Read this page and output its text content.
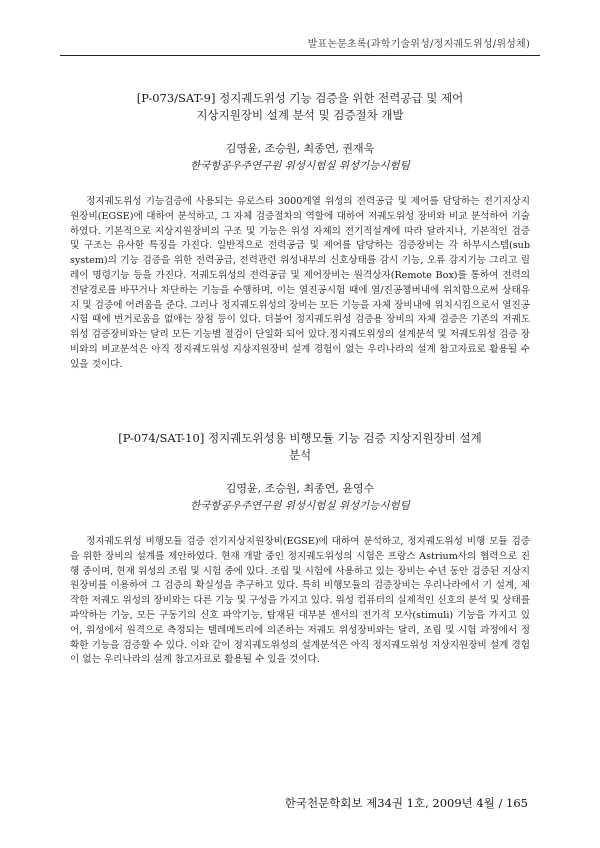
발표논문초록(과학기술위성/정지궤도위성/위성체)

[P-073/SAT-9] 정지궤도위성 기능 검증을 위한 전력공급 및 제어
지상지원장비 설계 분석 및 검증절차 개발

김영윤, 조승원, 최종연, 권재욱

한국항공우주연구원 위성시험실 위성기능시험팀

정지궤도위성 기능검증에 사용되는 유로스타 3000계열 위성의 전력공급 및 제어를 담당하는 전기지상지원장비(EGSE)에 대하여 분석하고, 그 자체 검증절차의 역할에 대하여 저궤도위성 장비와 비교 분석하여 기술하였다. 기본적으로 지상지원장비의 구조 및 기능은 위성 자체의 전기적설계에 따라 달라지나, 기본적인 검증 및 구조는 유사한 특징을 가진다. 일반적으로 전력공급 및 제어를 담당하는 검증장비는 각 하부시스템(sub system)의 기능 검증을 위한 전력공급, 전력관련 위성내부의 신호상태를 감시 기능, 오류 감지기능 그리고 릴레이 명령기능 등을 가진다. 저궤도위성의 전력공급 및 제어장비는 원격상자(Remote Box)를 통하여 전력의 전달경로를 바꾸거나 차단하는 기능을 수행하며, 이는 열진공시험 때에 열/진공챔버내에 위치함으로써 상태유지 및 검증에 어려움을 준다. 그러나 정지궤도위성의 장비는 모든 기능을 자체 장비내에 위치시킴으로서 열진공시험 때에 번거로움을 없애는 장점 등이 있다. 더불어 정지궤도위성 검증용 장비의 자체 검증은 기존의 저궤도위성 검증장비와는 달리 모든 기능별 절검이 단일화 되어 있다.정지궤도위성의 설계분석 및 저궤도위성 검증 장비와의 비교분석은 아직 정지궤도위성 지상지원장비 설계 경험이 없는 우리나라의 설계 참고자료로 활용될 수 있을 것이다.

[P-074/SAT-10] 정지궤도위성용 비행모듈 기능 검증 지상지원장비 설계
분석

김영윤, 조승원, 최종연, 윤영수

한국항공우주연구원 위성시험실 위성기능시험팀

정지궤도위성 비행모듈 검증 전기지상지원장비(EGSE)에 대하여 분석하고, 정지궤도위성 비행 모듈 검증을 위한 장비의 설계를 제안하였다. 현재 개발 중인 정지궤도위성의 시험은 프랑스 Astrium사의 협력으로 진행 중이며, 현재 위성의 조립 및 시험 중에 있다. 조립 및 시험에 사용하고 있는 장비는 수년 동안 검증된 지상지원장비를 이용하여 그 검증의 확실성을 추구하고 있다. 특히 비행모듈의 검증장비는 우리나라에서 기 설계, 제작한 저궤도 위성의 장비와는 다른 기능 및 구성을 가지고 있다. 위성 컴퓨터의 실제적인 신호의 분석 및 상태를 파악하는 기능, 모든 구동기의 신호 파악기능, 탑재된 대부분 센서의 전기적 모사(stimuli) 기능을 가지고 있어, 위성에서 원격으로 측정되는 텔레메트리에 의존하는 저궤도 위성장비와는 달리, 조립 및 시험 과정에서 정확한 기능을 검증할 수 있다. 이와 같이 정지궤도위성의 설계분석은 아직 정지궤도위성 지상지원장비 설계 경험이 없는 우리나라의 설계 참고자료로 활용될 수 있을 것이다.

한국천문학회보 제34권 1호, 2009년 4월 / 165
